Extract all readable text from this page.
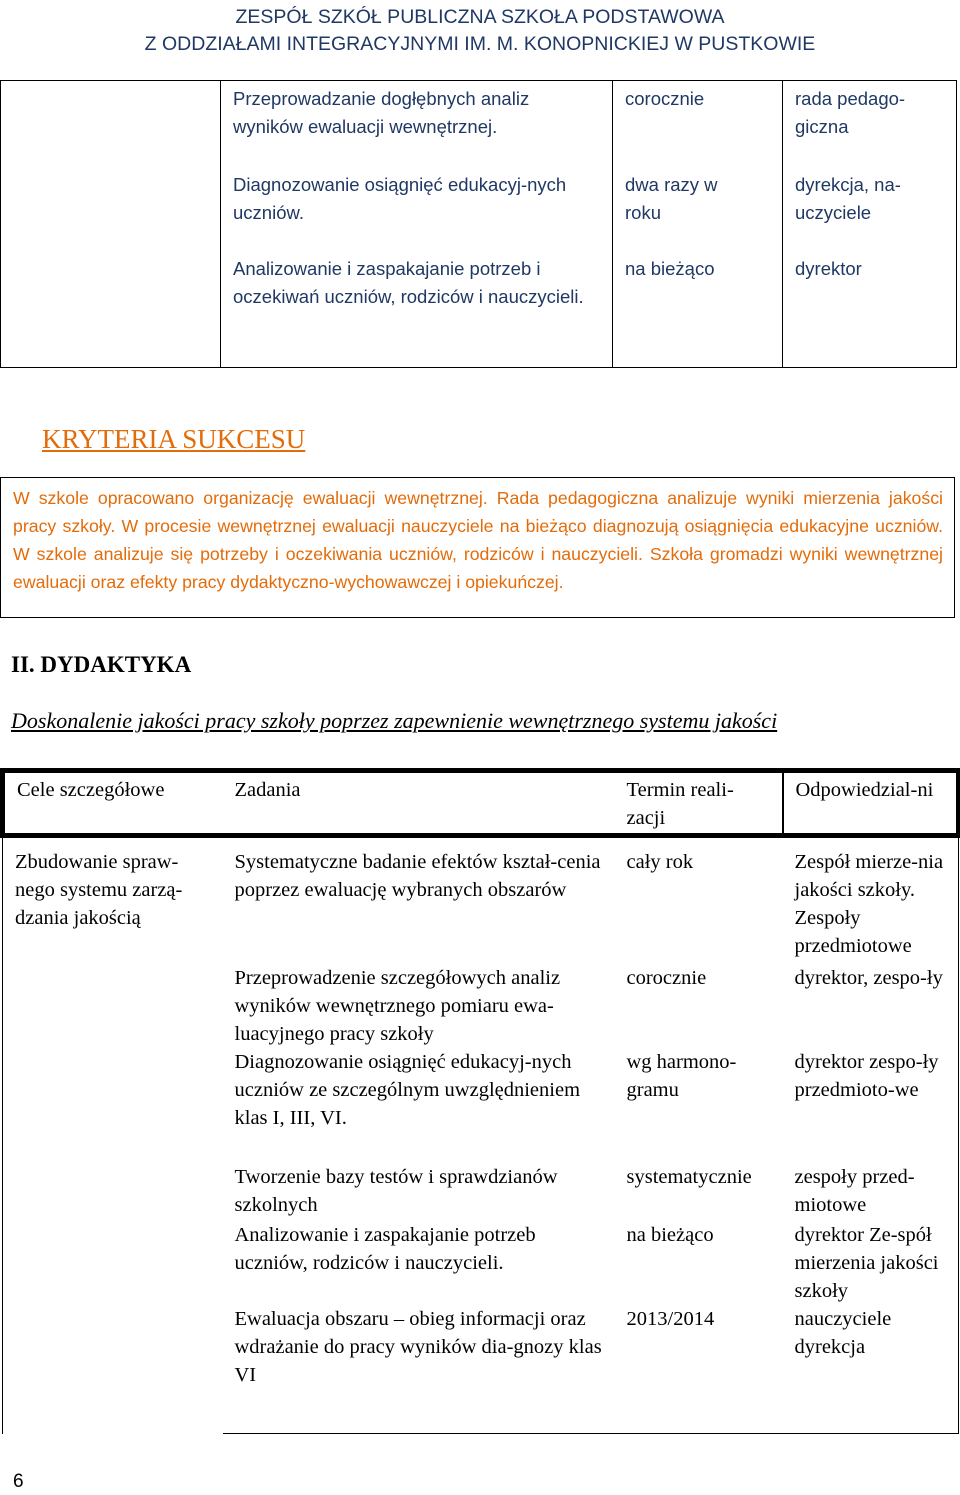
ZESPÓŁ SZKÓŁ PUBLICZNA SZKOŁA PODSTAWOWA
Z ODDZIAŁAMI INTEGRACYJNYMI IM. M. KONOPNICKIEJ W PUSTKOWIE
	Przeprowadzanie dogłębnych analiz wyników ewaluacji wewnętrznej.	corocznie	rada pedago-giczna
	Diagnozowanie osiągnięć edukacyj-nych uczniów.	dwa razy w roku	dyrekcja, na-uczyciele
	Analizowanie i zaspakajanie potrzeb i oczekiwań uczniów, rodziców i nauczycieli.	na bieżąco	dyrektor
KRYTERIA SUKCESU
W szkole opracowano organizację ewaluacji wewnętrznej. Rada pedagogiczna analizuje wyniki mierzenia jakości pracy szkoły. W procesie wewnętrznej ewaluacji nauczyciele na bieżąco diagnozują osiągnięcia edukacyjne uczniów. W szkole analizuje się potrzeby i oczekiwania uczniów, rodziców i nauczycieli. Szkoła gromadzi wyniki wewnętrznej ewaluacji oraz efekty pracy dydaktyczno-wychowawczej i opiekuńczej.
II. DYDAKTYKA
Doskonalenie jakości pracy szkoły poprzez zapewnienie wewnętrznego systemu jakości
Cele szczegółowe	Zadania	Termin reali-zacji	Odpowiedzial-ni
Zbudowanie spraw-nego systemu zarzą-dzania jakością	Systematyczne badanie efektów kształ-cenia poprzez ewaluację wybranych obszarów	cały rok	Zespół mierze-nia jakości szkoły. Zespoły przedmiotowe
	Przeprowadzenie szczegółowych analiz wyników wewnętrznego pomiaru ewa-luacyjnego pracy szkoły	corocznie	dyrektor, zespo-ły
	Diagnozowanie osiągnięć edukacyj-nych uczniów ze szczególnym uwzględnieniem klas I, III, VI.	wg harmono-gramu	dyrektor zespo-ły przedmioto-we
	Tworzenie bazy testów i sprawdzianów szkolnych	systematycznie	zespoły przed-miotowe
	Analizowanie i zaspakajanie potrzeb uczniów, rodziców i nauczycieli.	na bieżąco	dyrektor Ze-spół mierzenia jakości szkoły
	Ewaluacja obszaru – obieg informacji oraz wdrażanie do pracy wyników dia-gnozy klas VI	2013/2014	nauczyciele dyrekcja
6
